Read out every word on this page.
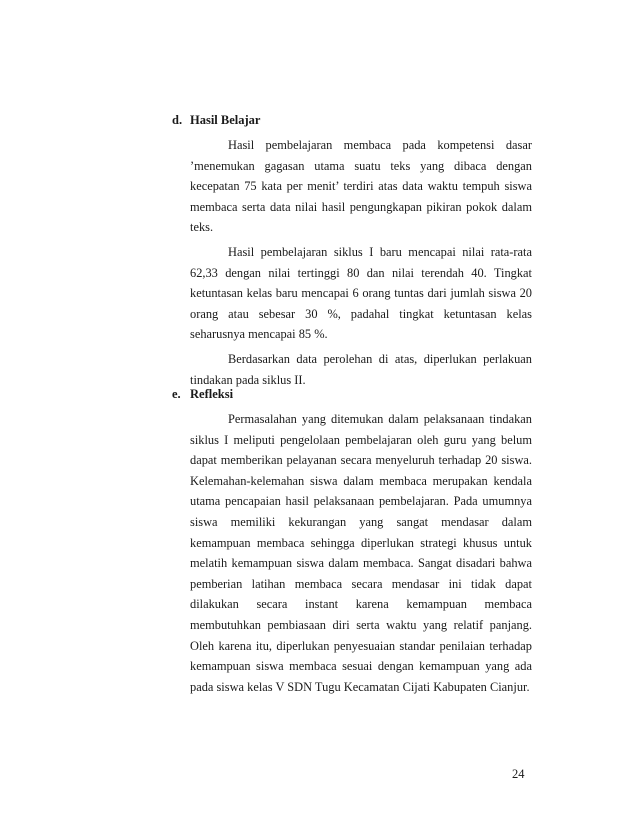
d. Hasil Belajar
Hasil pembelajaran membaca pada kompetensi dasar ’menemukan gagasan utama suatu teks yang dibaca dengan kecepatan 75 kata per menit’ terdiri atas data waktu tempuh siswa membaca serta data nilai hasil pengungkapan pikiran pokok dalam teks.
Hasil pembelajaran siklus I baru mencapai nilai rata-rata 62,33 dengan nilai tertinggi 80 dan nilai terendah 40. Tingkat ketuntasan kelas baru mencapai 6 orang tuntas dari jumlah siswa 20 orang atau sebesar 30 %, padahal tingkat ketuntasan kelas seharusnya mencapai 85 %.
Berdasarkan data perolehan di atas, diperlukan perlakuan tindakan pada siklus II.
e. Refleksi
Permasalahan yang ditemukan dalam pelaksanaan tindakan siklus I meliputi pengelolaan pembelajaran oleh guru yang belum dapat memberikan pelayanan secara menyeluruh terhadap 20 siswa. Kelemahan-kelemahan siswa dalam membaca merupakan kendala utama pencapaian hasil pelaksanaan pembelajaran. Pada umumnya siswa memiliki kekurangan yang sangat mendasar dalam kemampuan membaca sehingga diperlukan strategi khusus untuk melatih kemampuan siswa dalam membaca. Sangat disadari bahwa pemberian latihan membaca secara mendasar ini tidak dapat dilakukan secara instant karena kemampuan membaca membutuhkan pembiasaan diri serta waktu yang relatif panjang. Oleh karena itu, diperlukan penyesuaian standar penilaian terhadap kemampuan siswa membaca sesuai dengan kemampuan yang ada pada siswa kelas V SDN Tugu Kecamatan Cijati Kabupaten Cianjur.
24
